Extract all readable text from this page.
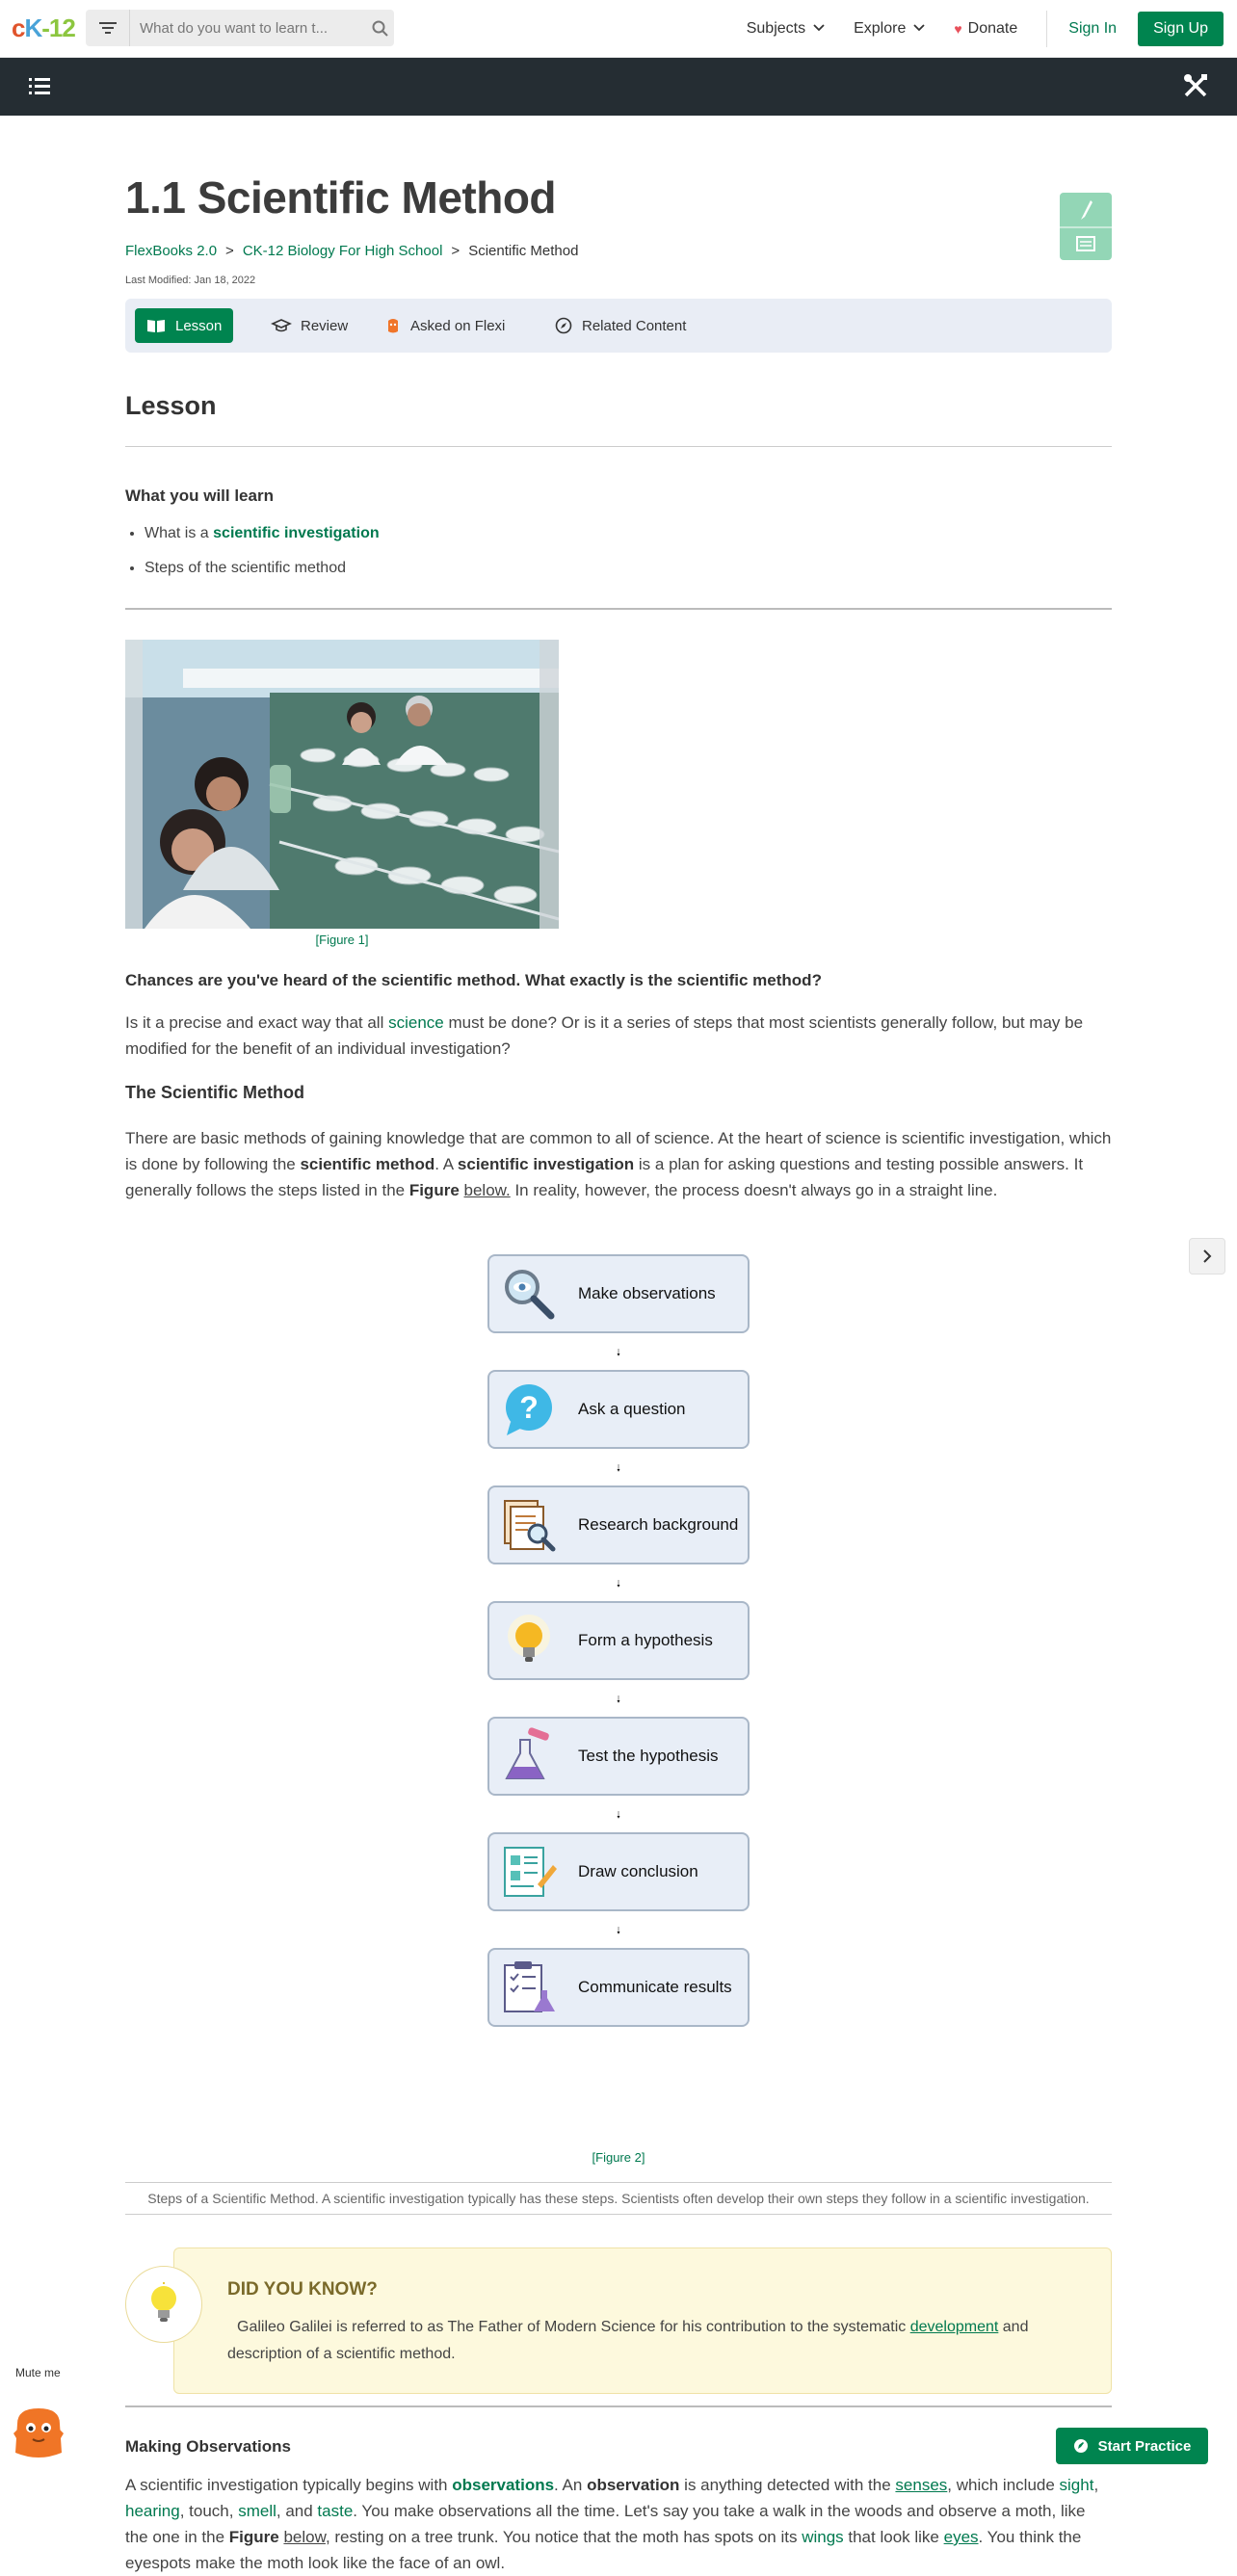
cK-12
What do you want to learn t...	Subjects	Explore	♥ Donate	Sign In	Sign Up
1.1 Scientific Method
FlexBooks 2.0 > CK-12 Biology For High School > Scientific Method
Last Modified: Jan 18, 2022
Lesson	Review	Asked on Flexi	Related Content
Lesson
What you will learn
• What is a scientific investigation
• Steps of the scientific method
[Figure 1]
Chances are you've heard of the scientific method. What exactly is the scientific method?

Is it a precise and exact way that all science must be done? Or is it a series of steps that most scientists generally follow, but may be modified for the benefit of an individual investigation?

The Scientific Method

There are basic methods of gaining knowledge that are common to all of science. At the heart of science is scientific investigation, which is done by following the scientific method. A scientific investigation is a plan for asking questions and testing possible answers. It generally follows the steps listed in the Figure below. In reality, however, the process doesn't always go in a straight line.

Make observations
? Ask a question
Research background
Form a hypothesis
Test the hypothesis
Draw conclusion
Communicate results
[Figure 2]
Steps of a Scientific Method. A scientific investigation typically has these steps. Scientists often develop their own steps they follow in a scientific investigation.
DID YOU KNOW?
Galileo Galilei is referred to as The Father of Modern Science for his contribution to the systematic development and description of a scientific method.
Making Observations

A scientific investigation typically begins with observations. An observation is anything detected with the senses, which include sight, hearing, touch, smell, and taste. You make observations all the time. Let's say you take a walk in the woods and observe a moth, like the one in the Figure below, resting on a tree trunk. You notice that the moth has spots on its wings that look like eyes. You think the eyespots make the moth look like the face of an owl.

Mute me
Start Practice
